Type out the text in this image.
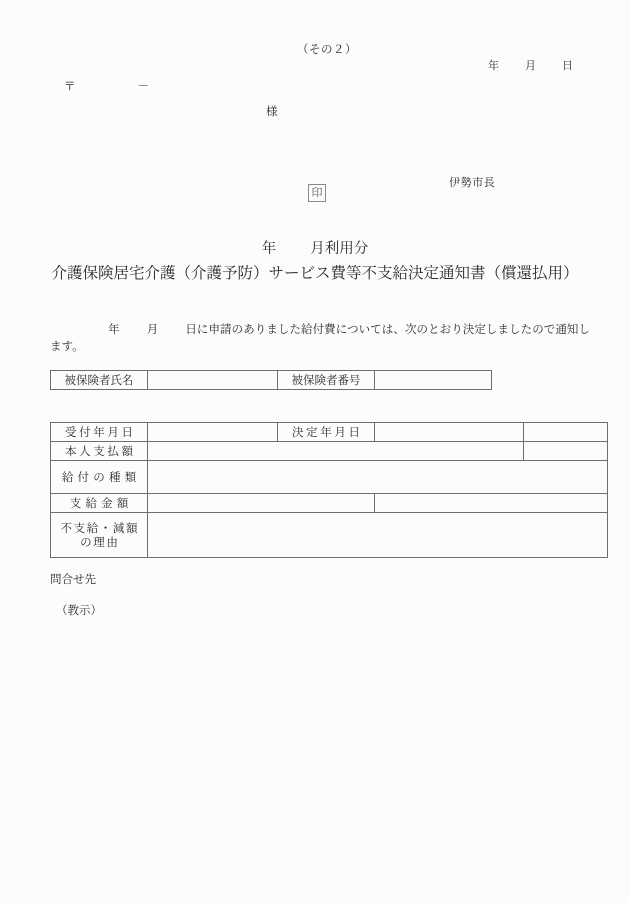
（その２）
年 月 日
〒	－
様
伊勢市長
印
年 月利用分
介護保険居宅介護（介護予防）サービス費等不支給決定通知書（償還払用）
年 月 日に申請のありました給付費については、次のとおり決定しましたので通知します。
被保険者氏名		被保険者番号	
受付年月日		決定年月日		
本人支払額				
給付の種類				
支給金額				
不支給・減額
の理由				
問合せ先
（教示）
